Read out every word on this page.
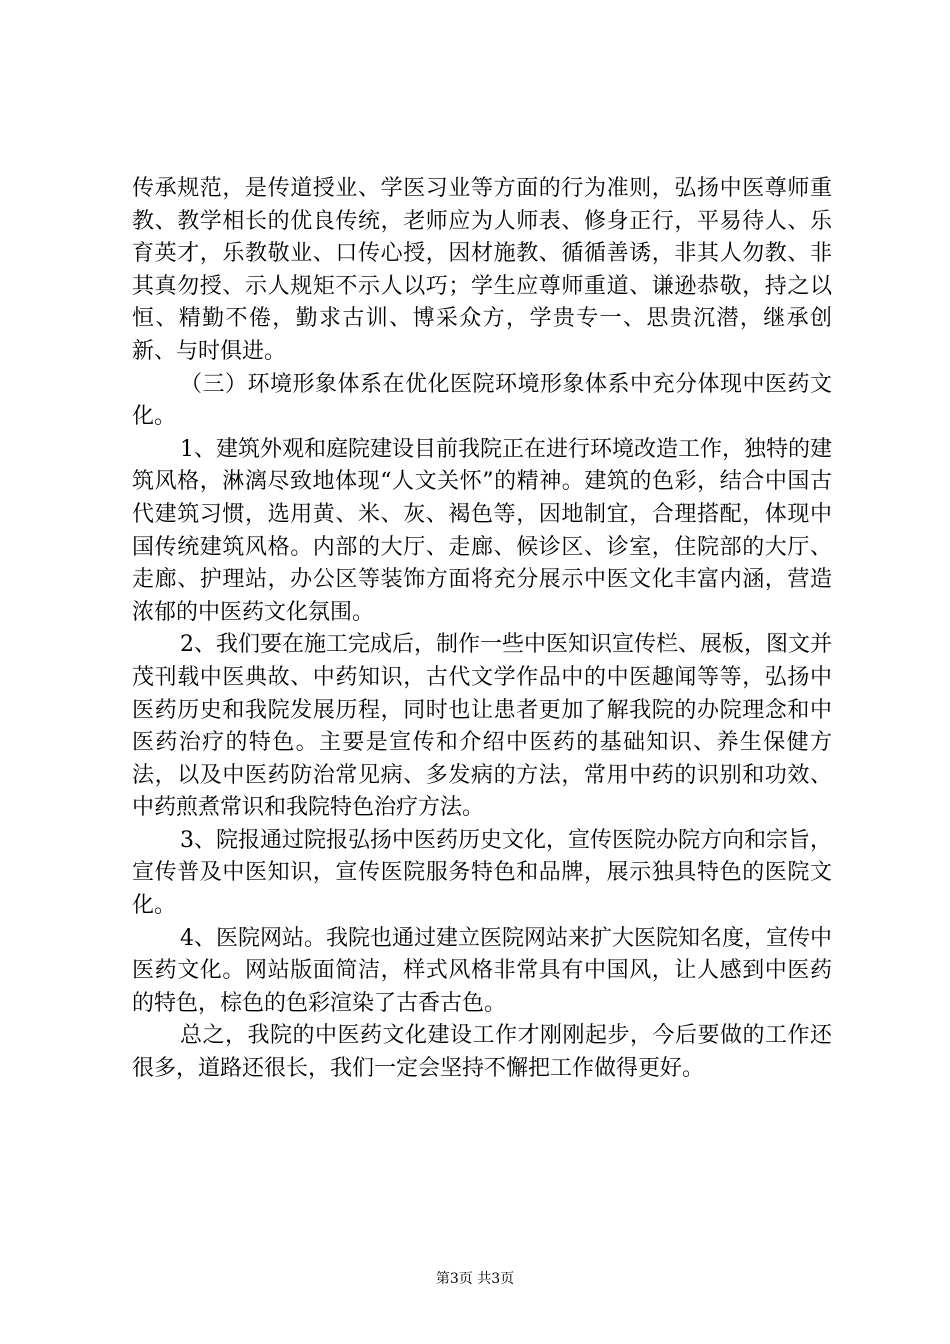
传承规范，是传道授业、学医习业等方面的行为准则，弘扬中医尊师重教、教学相长的优良传统，老师应为人师表、修身正行，平易待人、乐育英才，乐教敬业、口传心授，因材施教、循循善诱，非其人勿教、非其真勿授、示人规矩不示人以巧；学生应尊师重道、谦逊恭敬，持之以恒、精勤不倦，勤求古训、博采众方，学贵专一、思贵沉潜，继承创新、与时俱进。

（三）环境形象体系在优化医院环境形象体系中充分体现中医药文化。

1、建筑外观和庭院建设目前我院正在进行环境改造工作，独特的建筑风格，淋漓尽致地体现“人文关怀”的精神。建筑的色彩，结合中国古代建筑习惯，选用黄、米、灰、褐色等，因地制宜，合理搭配，体现中国传统建筑风格。内部的大厅、走廊、候诊区、诊室，住院部的大厅、走廊、护理站，办公区等装饰方面将充分展示中医文化丰富内涵，营造浓郁的中医药文化氛围。

2、我们要在施工完成后，制作一些中医知识宣传栏、展板，图文并茂刊载中医典故、中药知识，古代文学作品中的中医趣闻等等，弘扬中医药历史和我院发展历程，同时也让患者更加了解我院的办院理念和中医药治疗的特色。主要是宣传和介绍中医药的基础知识、养生保健方法，以及中医药防治常见病、多发病的方法，常用中药的识别和功效、中药煎煮常识和我院特色治疗方法。

3、院报通过院报弘扬中医药历史文化，宣传医院办院方向和宗旨，宣传普及中医知识，宣传医院服务特色和品牌，展示独具特色的医院文化。

4、医院网站。我院也通过建立医院网站来扩大医院知名度，宣传中医药文化。网站版面简洁，样式风格非常具有中国风，让人感到中医药的特色，棕色的色彩渲染了古香古色。

总之，我院的中医药文化建设工作才刚刚起步，今后要做的工作还很多，道路还很长，我们一定会坚持不懈把工作做得更好。

第3页 共3页
